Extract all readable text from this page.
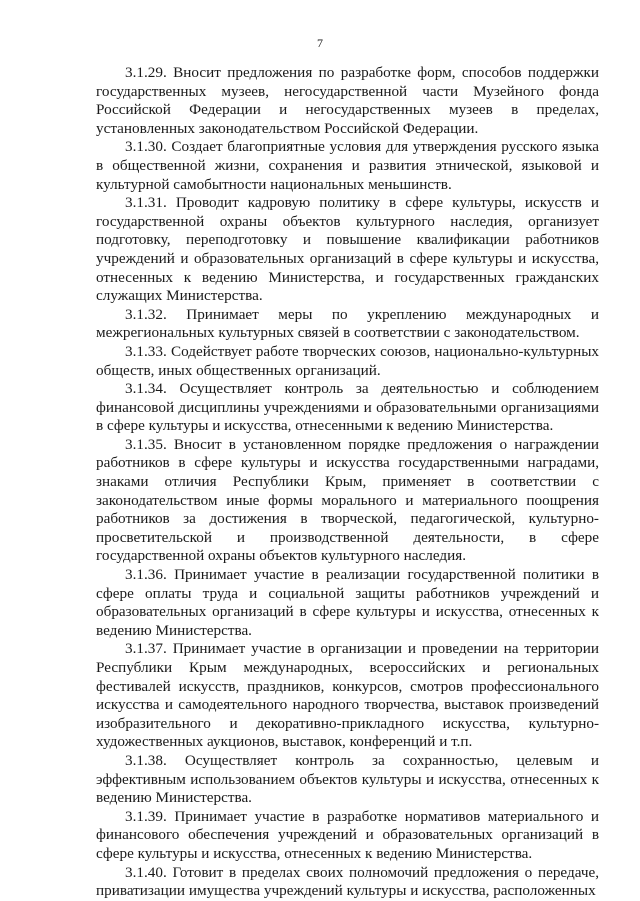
7

3.1.29. Вносит предложения по разработке форм, способов поддержки государственных музеев, негосударственной части Музейного фонда Российской Федерации и негосударственных музеев в пределах, установленных законодательством Российской Федерации.

3.1.30. Создает благоприятные условия для утверждения русского языка в общественной жизни, сохранения и развития этнической, языковой и культурной самобытности национальных меньшинств.

3.1.31. Проводит кадровую политику в сфере культуры, искусств и государственной охраны объектов культурного наследия, организует подготовку, переподготовку и повышение квалификации работников учреждений и образовательных организаций в сфере культуры и искусства, отнесенных к ведению Министерства, и государственных гражданских служащих Министерства.

3.1.32. Принимает меры по укреплению международных и межрегиональных культурных связей в соответствии с законодательством.

3.1.33. Содействует работе творческих союзов, национально-культурных обществ, иных общественных организаций.

3.1.34. Осуществляет контроль за деятельностью и соблюдением финансовой дисциплины учреждениями и образовательными организациями в сфере культуры и искусства, отнесенными к ведению Министерства.

3.1.35. Вносит в установленном порядке предложения о награждении работников в сфере культуры и искусства государственными наградами, знаками отличия Республики Крым, применяет в соответствии с законодательством иные формы морального и материального поощрения работников за достижения в творческой, педагогической, культурно-просветительской и производственной деятельности, в сфере государственной охраны объектов культурного наследия.

3.1.36. Принимает участие в реализации государственной политики в сфере оплаты труда и социальной защиты работников учреждений и образовательных организаций в сфере культуры и искусства, отнесенных к ведению Министерства.

3.1.37. Принимает участие в организации и проведении на территории Республики Крым международных, всероссийских и региональных фестивалей искусств, праздников, конкурсов, смотров профессионального искусства и самодеятельного народного творчества, выставок произведений изобразительного и декоративно-прикладного искусства, культурно-художественных аукционов, выставок, конференций и т.п.

3.1.38. Осуществляет контроль за сохранностью, целевым и эффективным использованием объектов культуры и искусства, отнесенных к ведению Министерства.

3.1.39. Принимает участие в разработке нормативов материального и финансового обеспечения учреждений и образовательных организаций в сфере культуры и искусства, отнесенных к ведению Министерства.

3.1.40. Готовит в пределах своих полномочий предложения о передаче, приватизации имущества учреждений культуры и искусства, расположенных
